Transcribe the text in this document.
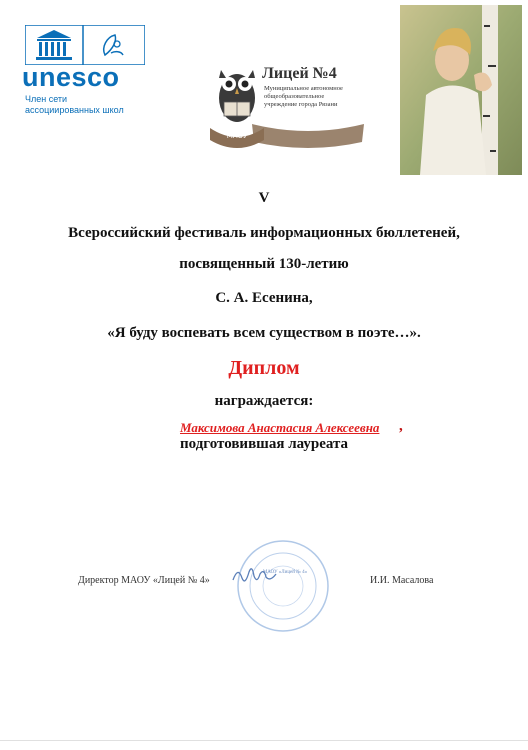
unesco
Член сети
ассоциированных школ
МАОУ
Лицей №4
Муниципальное автономное
общеобразовательное
учреждение города Рязани
V
Всероссийский фестиваль информационных бюллетеней,
посвященный 130-летию
С. А. Есенина,
«Я буду воспевать всем существом в поэте…».
Диплом
награждается:
Максимова Анастасия Алексеевна ,
подготовившая лауреата
МАОУ «Лицей № 4»
Директор МАОУ «Лицей № 4»	И.И. Масалова
